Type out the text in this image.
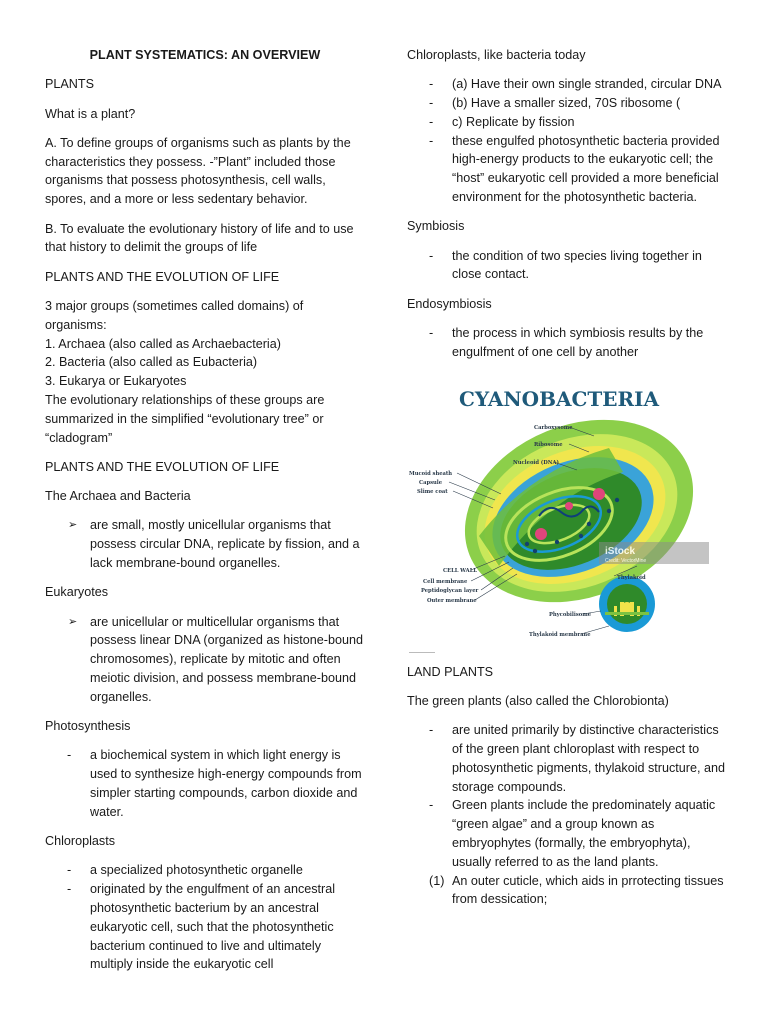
PLANT SYSTEMATICS: AN OVERVIEW

PLANTS

What is a plant?

A. To define groups of organisms such as plants by the characteristics they possess. -”Plant” included those organisms that possess photosynthesis, cell walls, spores, and a more or less sedentary behavior.

B. To evaluate the evolutionary history of life and to use that history to delimit the groups of life

PLANTS AND THE EVOLUTION OF LIFE

3 major groups (sometimes called domains) of organisms:
1. Archaea (also called as Archaebacteria)
2. Bacteria (also called as Eubacteria)
3. Eukarya or Eukaryotes
The evolutionary relationships of these groups are summarized in the simplified “evolutionary tree” or “cladogram”

PLANTS AND THE EVOLUTION OF LIFE

The Archaea and Bacteria

➢ are small, mostly unicellular organisms that possess circular DNA, replicate by fission, and a lack membrane-bound organelles.

Eukaryotes

➢ are unicellular or multicellular organisms that possess linear DNA (organized as histone-bound chromosomes), replicate by mitotic and often meiotic division, and possess membrane-bound organelles.

Photosynthesis

- a biochemical system in which light energy is used to synthesize high-energy compounds from simpler starting compounds, carbon dioxide and water.

Chloroplasts

- a specialized photosynthetic organelle
- originated by the engulfment of an ancestral photosynthetic bacterium by an ancestral eukaryotic cell, such that the photosynthetic bacterium continued to live and ultimately multiply inside the eukaryotic cell

Chloroplasts, like bacteria today

- (a) Have their own single stranded, circular DNA
- (b) Have a smaller sized, 70S ribosome (
- c) Replicate by fission
- these engulfed photosynthetic bacteria provided high-energy products to the eukaryotic cell; the “host” eukaryotic cell provided a more beneficial environment for the photosynthetic bacteria.

Symbiosis

- the condition of two species living together in close contact.

Endosymbiosis

- the process in which symbiosis results by the engulfment of one cell by another
CYANOBACTERIA
iStock
Credit: VectorMine
Carboxysome
Ribosome
Nucleoid (DNA)
Mucoid sheath
Capsule
Slime coat
CELL WALL
Cell membrane
Peptidoglycan layer
Outer membrane
Thylakoid
Phycobilisome
Thylakoid membrane

LAND PLANTS

The green plants (also called the Chlorobionta)

- are united primarily by distinctive characteristics of the green plant chloroplast with respect to photosynthetic pigments, thylakoid structure, and storage compounds.
- Green plants include the predominately aquatic “green algae” and a group known as embryophytes (formally, the embryophyta), usually referred to as the land plants.
(1) An outer cuticle, which aids in prrotecting tissues from dessication;
